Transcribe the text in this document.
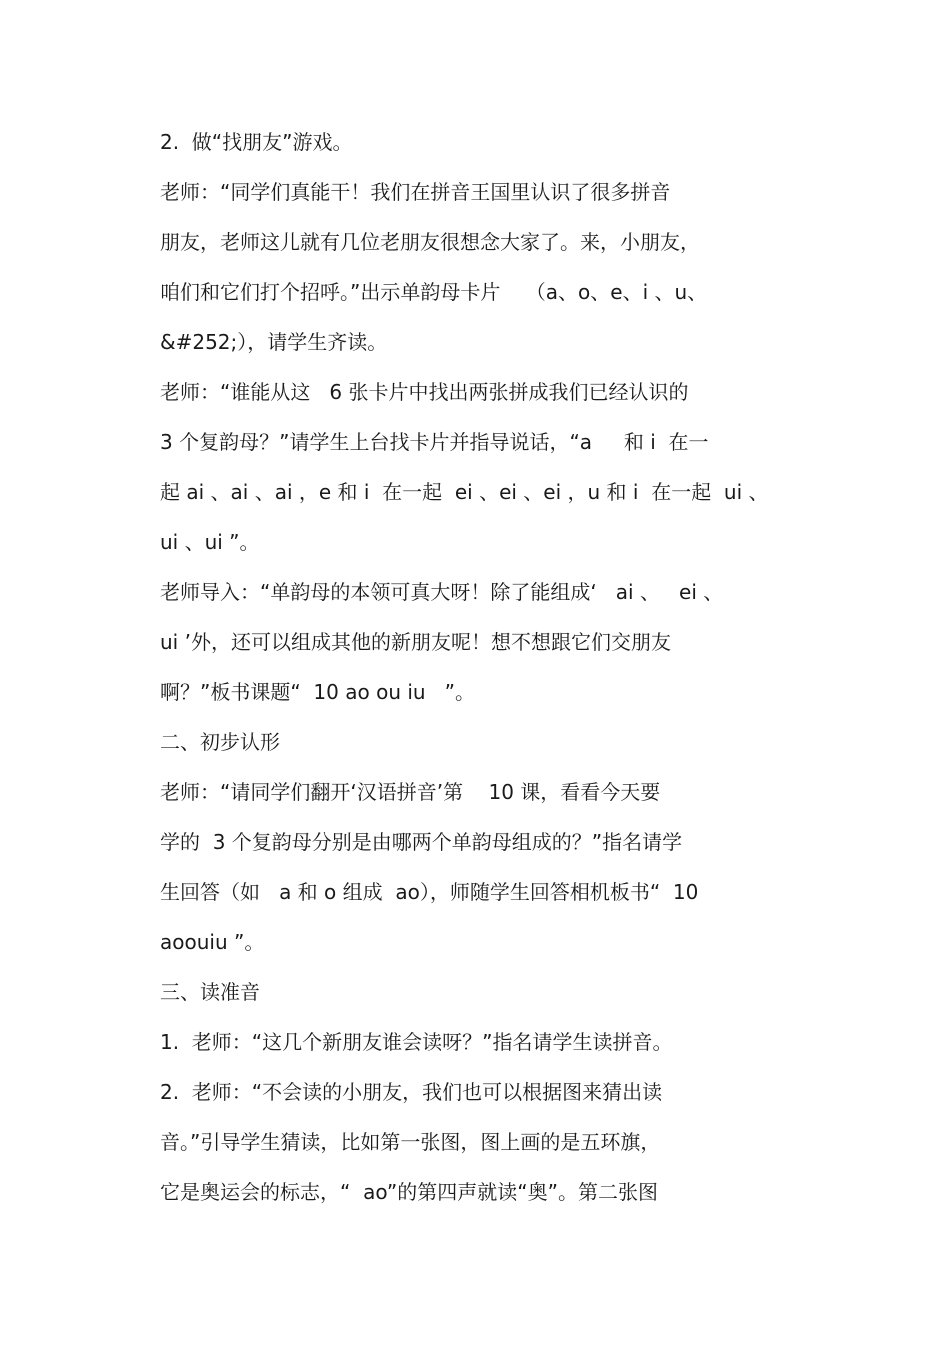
2.  做“找朋友”游戏。
老师：“同学们真能干！我们在拼音王国里认识了很多拼音
朋友，老师这儿就有几位老朋友很想念大家了。来，小朋友，
咱们和它们打个招呼。”出示单韵母卡片    （a、o、e、i 、u、
&#252;），请学生齐读。
老师：“谁能从这   6 张卡片中找出两张拼成我们已经认识的
3 个复韵母？”请学生上台找卡片并指导说话，“a     和 i  在一
起 ai 、ai 、ai ，e 和 i  在一起  ei 、ei 、ei ，u 和 i  在一起  ui 、
ui 、ui ”。
老师导入：“单韵母的本领可真大呀！除了能组成‘   ai 、   ei 、
ui ’外，还可以组成其他的新朋友呢！想不想跟它们交朋友
啊？”板书课题“  10 ao ou iu   ”。
二、初步认形
老师：“请同学们翻开‘汉语拼音’第    10 课，看看今天要
学的  3 个复韵母分别是由哪两个单韵母组成的？”指名请学
生回答（如   a 和 o 组成  ao），师随学生回答相机板书“  10
aoouiu ”。
三、读准音
1.  老师：“这几个新朋友谁会读呀？”指名请学生读拼音。
2.  老师：“不会读的小朋友，我们也可以根据图来猜出读
音。”引导学生猜读，比如第一张图，图上画的是五环旗，
它是奥运会的标志，“  ao”的第四声就读“奥”。第二张图
